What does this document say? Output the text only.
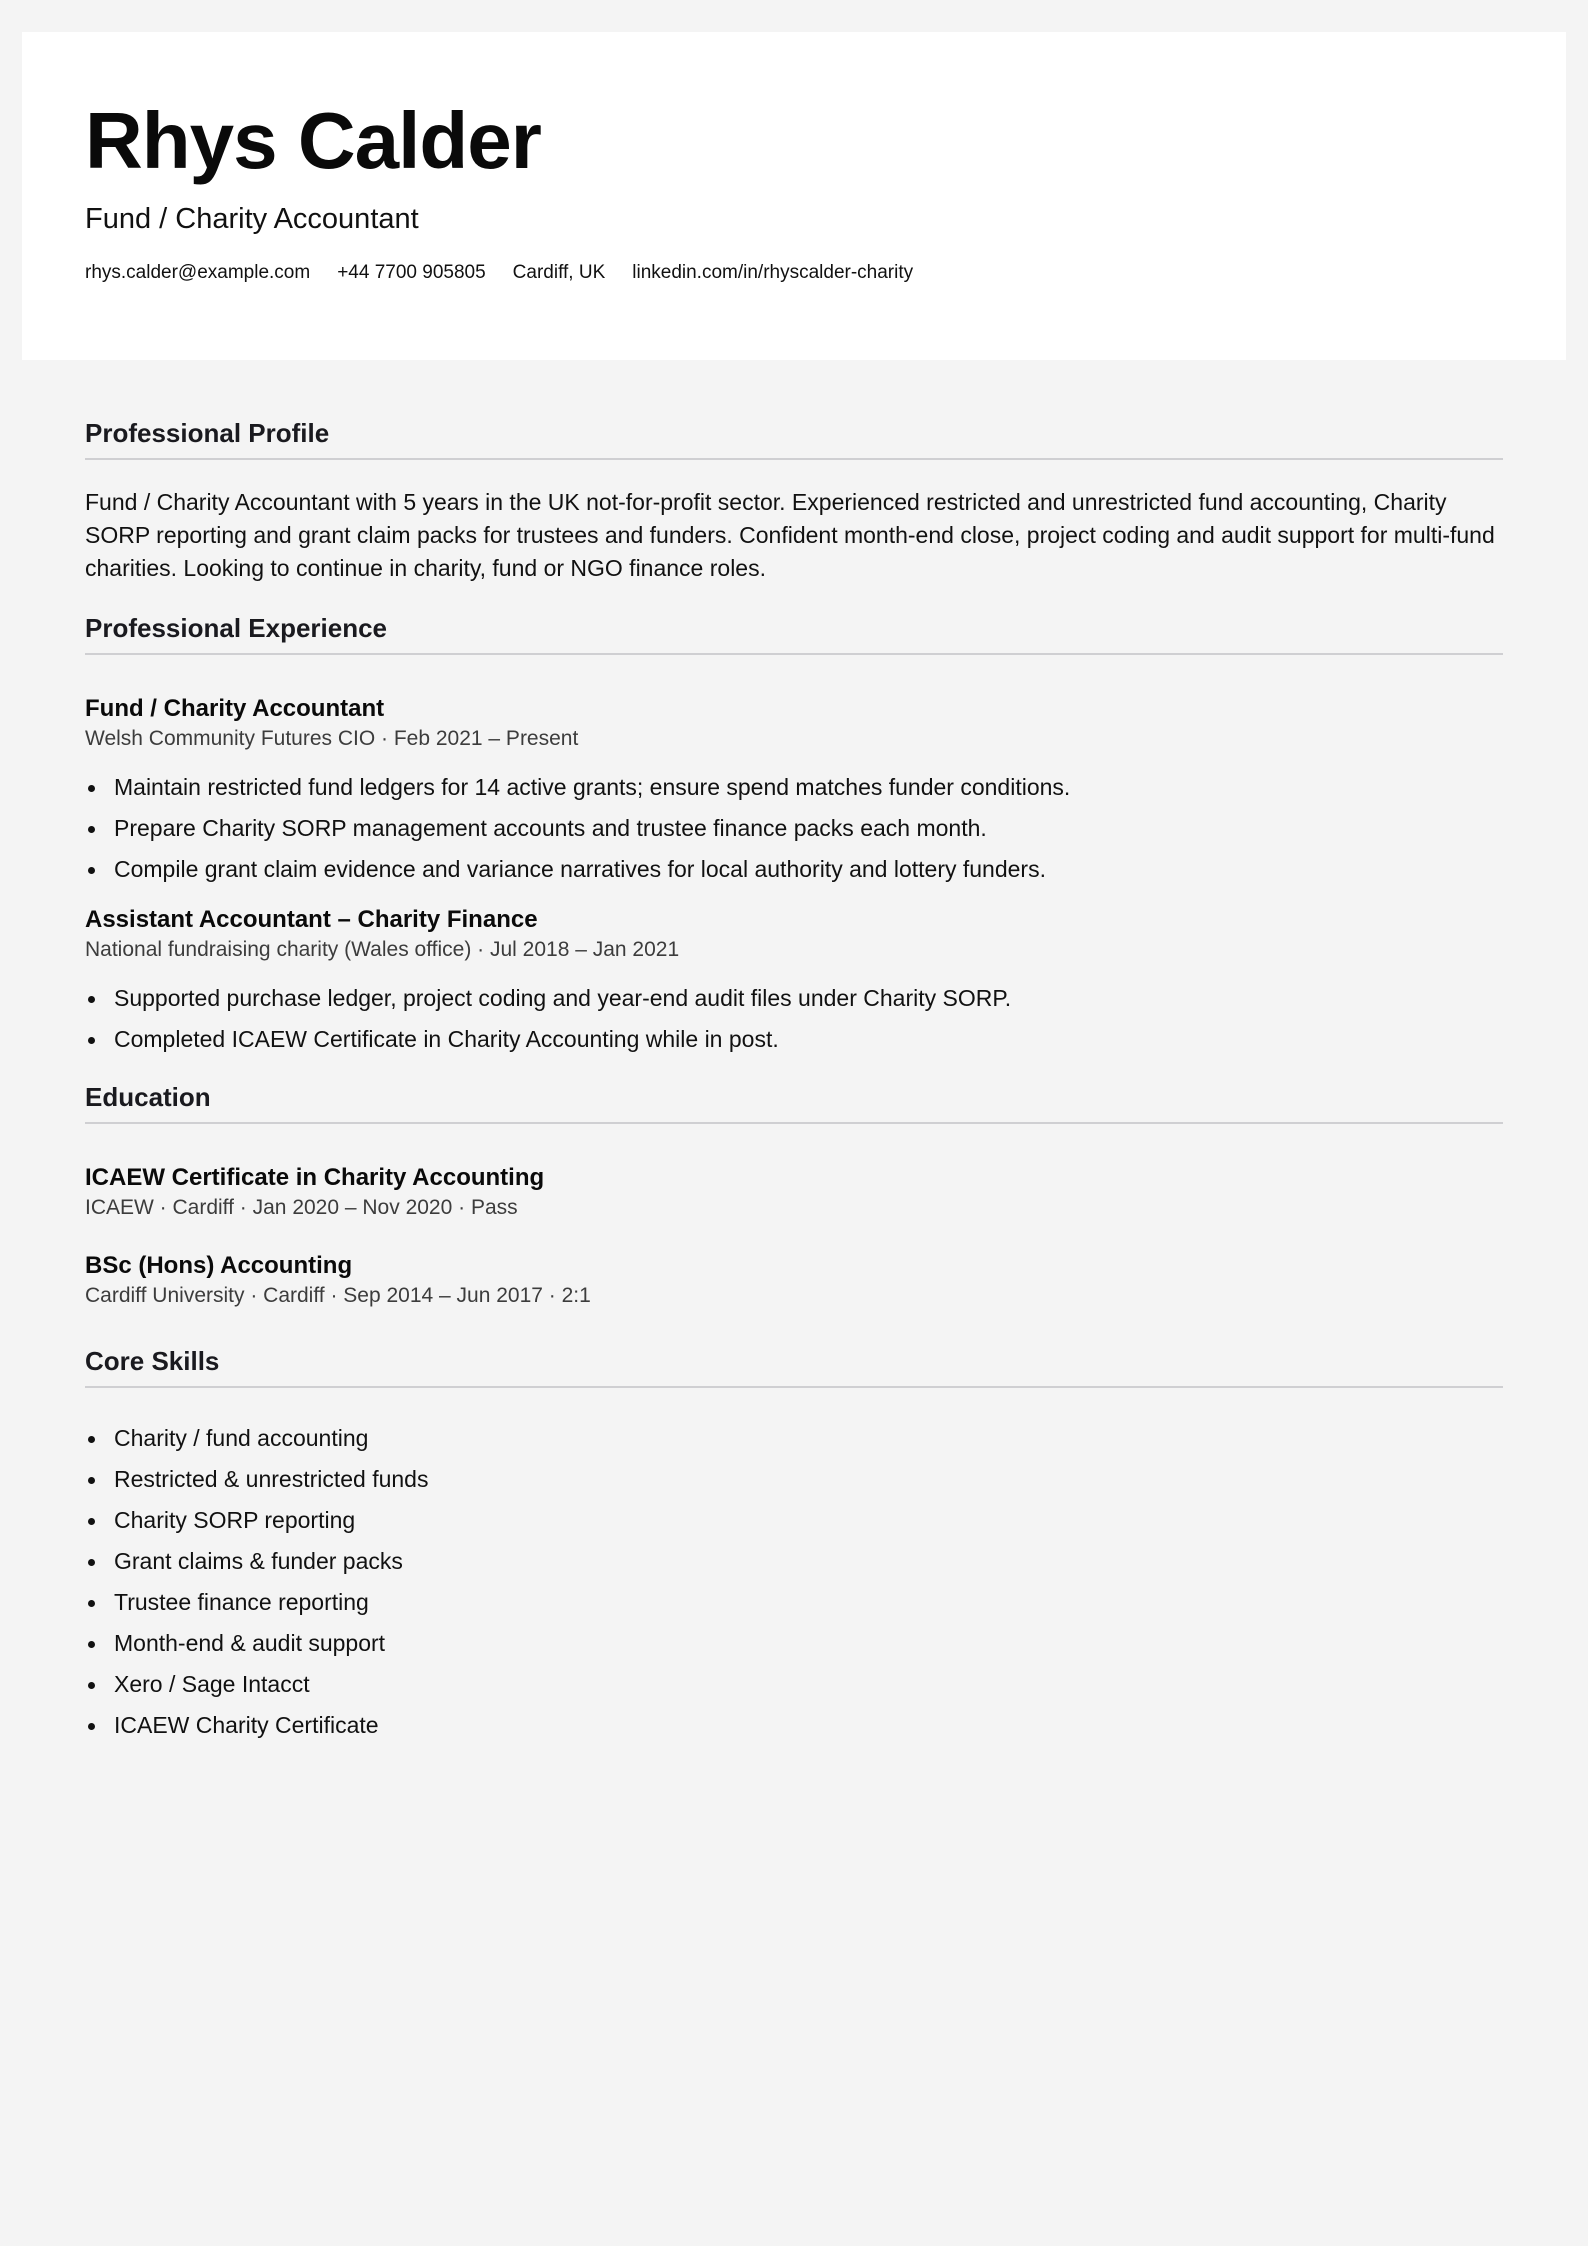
Rhys Calder
Fund / Charity Accountant
rhys.calder@example.com +44 7700 905805 Cardiff, UK linkedin.com/in/rhyscalder-charity
Professional Profile

Fund / Charity Accountant with 5 years in the UK not-for-profit sector. Experienced restricted and unrestricted fund accounting, Charity SORP reporting and grant claim packs for trustees and funders. Confident month-end close, project coding and audit support for multi-fund charities. Looking to continue in charity, fund or NGO finance roles.

Professional Experience
Fund / Charity Accountant
Welsh Community Futures CIO · Feb 2021 – Present
Maintain restricted fund ledgers for 14 active grants; ensure spend matches funder conditions.
Prepare Charity SORP management accounts and trustee finance packs each month.
Compile grant claim evidence and variance narratives for local authority and lottery funders.
Assistant Accountant – Charity Finance
National fundraising charity (Wales office) · Jul 2018 – Jan 2021
Supported purchase ledger, project coding and year-end audit files under Charity SORP.
Completed ICAEW Certificate in Charity Accounting while in post.
Education
ICAEW Certificate in Charity Accounting
ICAEW · Cardiff · Jan 2020 – Nov 2020 · Pass
BSc (Hons) Accounting
Cardiff University · Cardiff · Sep 2014 – Jun 2017 · 2:1
Core Skills
Charity / fund accounting
Restricted & unrestricted funds
Charity SORP reporting
Grant claims & funder packs
Trustee finance reporting
Month-end & audit support
Xero / Sage Intacct
ICAEW Charity Certificate
